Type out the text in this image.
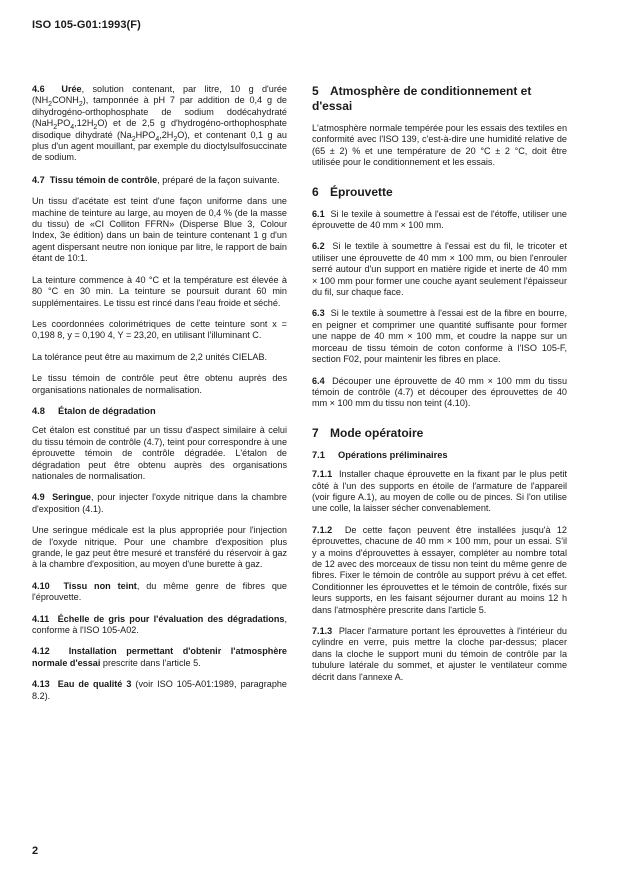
ISO 105-G01:1993(F)

4.6 Urée, solution contenant, par litre, 10 g d'urée $(NH_2CONH_2)$, tamponnée à pH 7 par addition de 0,4 g de dihydrogéno-orthophosphate de sodium dodécahydraté $(NaH_2PO_4,12H_2O)$ et de 2,5 g d'hydrogéno-orthophosphate disodique dihydraté $(Na_2HPO_4,2H_2O)$, et contenant 0,1 g au plus d'un agent mouillant, par exemple du dioctylsulfosuccinate de sodium.

4.7 Tissu témoin de contrôle, préparé de la façon suivante.

Un tissu d'acétate est teint d'une façon uniforme dans une machine de teinture au large, au moyen de 0,4 % (de la masse du tissu) de «CI Colliton FFRN» (Disperse Blue 3, Colour Index, 3e édition) dans un bain de teinture contenant 1 g d'un agent dispersant neutre non ionique par litre, le rapport de bain étant de 10:1.

La teinture commence à 40 °C et la température est élevée à 80 °C en 30 min. La teinture se poursuit durant 60 min supplémentaires. Le tissu est rincé dans l'eau froide et séché.

Les coordonnées colorimétriques de cette teinture sont x = 0,198 8, y = 0,190 4, Y = 23,20, en utilisant l'illuminant C.

La tolérance peut être au maximum de 2,2 unités CIELAB.

Le tissu témoin de contrôle peut être obtenu auprès des organisations nationales de normalisation.

4.8 Étalon de dégradation

Cet étalon est constitué par un tissu d'aspect similaire à celui du tissu témoin de contrôle (4.7), teint pour correspondre à une éprouvette témoin de contrôle dégradée. L'étalon de dégradation peut être obtenu auprès des organisations nationales de normalisation.

4.9 Seringue, pour injecter l'oxyde nitrique dans la chambre d'exposition (4.1).

Une seringue médicale est la plus appropriée pour l'injection de l'oxyde nitrique. Pour une chambre d'exposition plus grande, le gaz peut être mesuré et transféré du réservoir à gaz à la chambre d'exposition, au moyen d'une burette à gaz.

4.10 Tissu non teint, du même genre de fibres que l'éprouvette.

4.11 Échelle de gris pour l'évaluation des dégradations, conforme à l'ISO 105-A02.

4.12 Installation permettant d'obtenir l'atmosphère normale d'essai prescrite dans l'article 5.

4.13 Eau de qualité 3 (voir ISO 105-A01:1989, paragraphe 8.2).

5 Atmosphère de conditionnement et d'essai

L'atmosphère normale tempérée pour les essais des textiles en conformité avec l'ISO 139, c'est-à-dire une humidité relative de (65 ± 2) % et une température de 20 °C ± 2 °C, doit être utilisée pour le conditionnement et les essais.

6 Éprouvette

6.1 Si le texile à soumettre à l'essai est de l'étoffe, utiliser une éprouvette de 40 mm × 100 mm.

6.2 Si le textile à soumettre à l'essai est du fil, le tricoter et utiliser une éprouvette de 40 mm × 100 mm, ou bien l'enrouler serré autour d'un support en matière rigide et inerte de 40 mm × 100 mm pour former une couche ayant seulement l'épaisseur du fil, sur chaque face.

6.3 Si le textile à soumettre à l'essai est de la fibre en bourre, en peigner et comprimer une quantité suffisante pour former une nappe de 40 mm × 100 mm, et coudre la nappe sur un morceau de tissu témoin de coton conforme à l'ISO 105-F, section F02, pour maintenir les fibres en place.

6.4 Découper une éprouvette de 40 mm × 100 mm du tissu témoin de contrôle (4.7) et découper des éprouvettes de 40 mm × 100 mm du tissu non teint (4.10).

7 Mode opératoire
7.1 Opérations préliminaires

7.1.1 Installer chaque éprouvette en la fixant par le plus petit côté à l'un des supports en étoile de l'armature de l'appareil (voir figure A.1), au moyen de colle ou de pinces. Si l'on utilise une colle, la laisser sécher convenablement.

7.1.2 De cette façon peuvent être installées jusqu'à 12 éprouvettes, chacune de 40 mm × 100 mm, pour un essai. S'il y a moins d'éprouvettes à essayer, compléter au nombre total de 12 avec des morceaux de tissu non teint du même genre de fibres. Fixer le témoin de contrôle au support prévu à cet effet. Conditionner les éprouvettes et le témoin de contrôle, fixés sur leurs supports, en les faisant séjourner durant au moins 12 h dans l'atmosphère prescrite dans l'article 5.

7.1.3 Placer l'armature portant les éprouvettes à l'intérieur du cylindre en verre, puis mettre la cloche par-dessus; placer dans la cloche le support muni du témoin de contrôle par la tubulure latérale du sommet, et ajuster le ventilateur comme décrit dans l'annexe A.

2
